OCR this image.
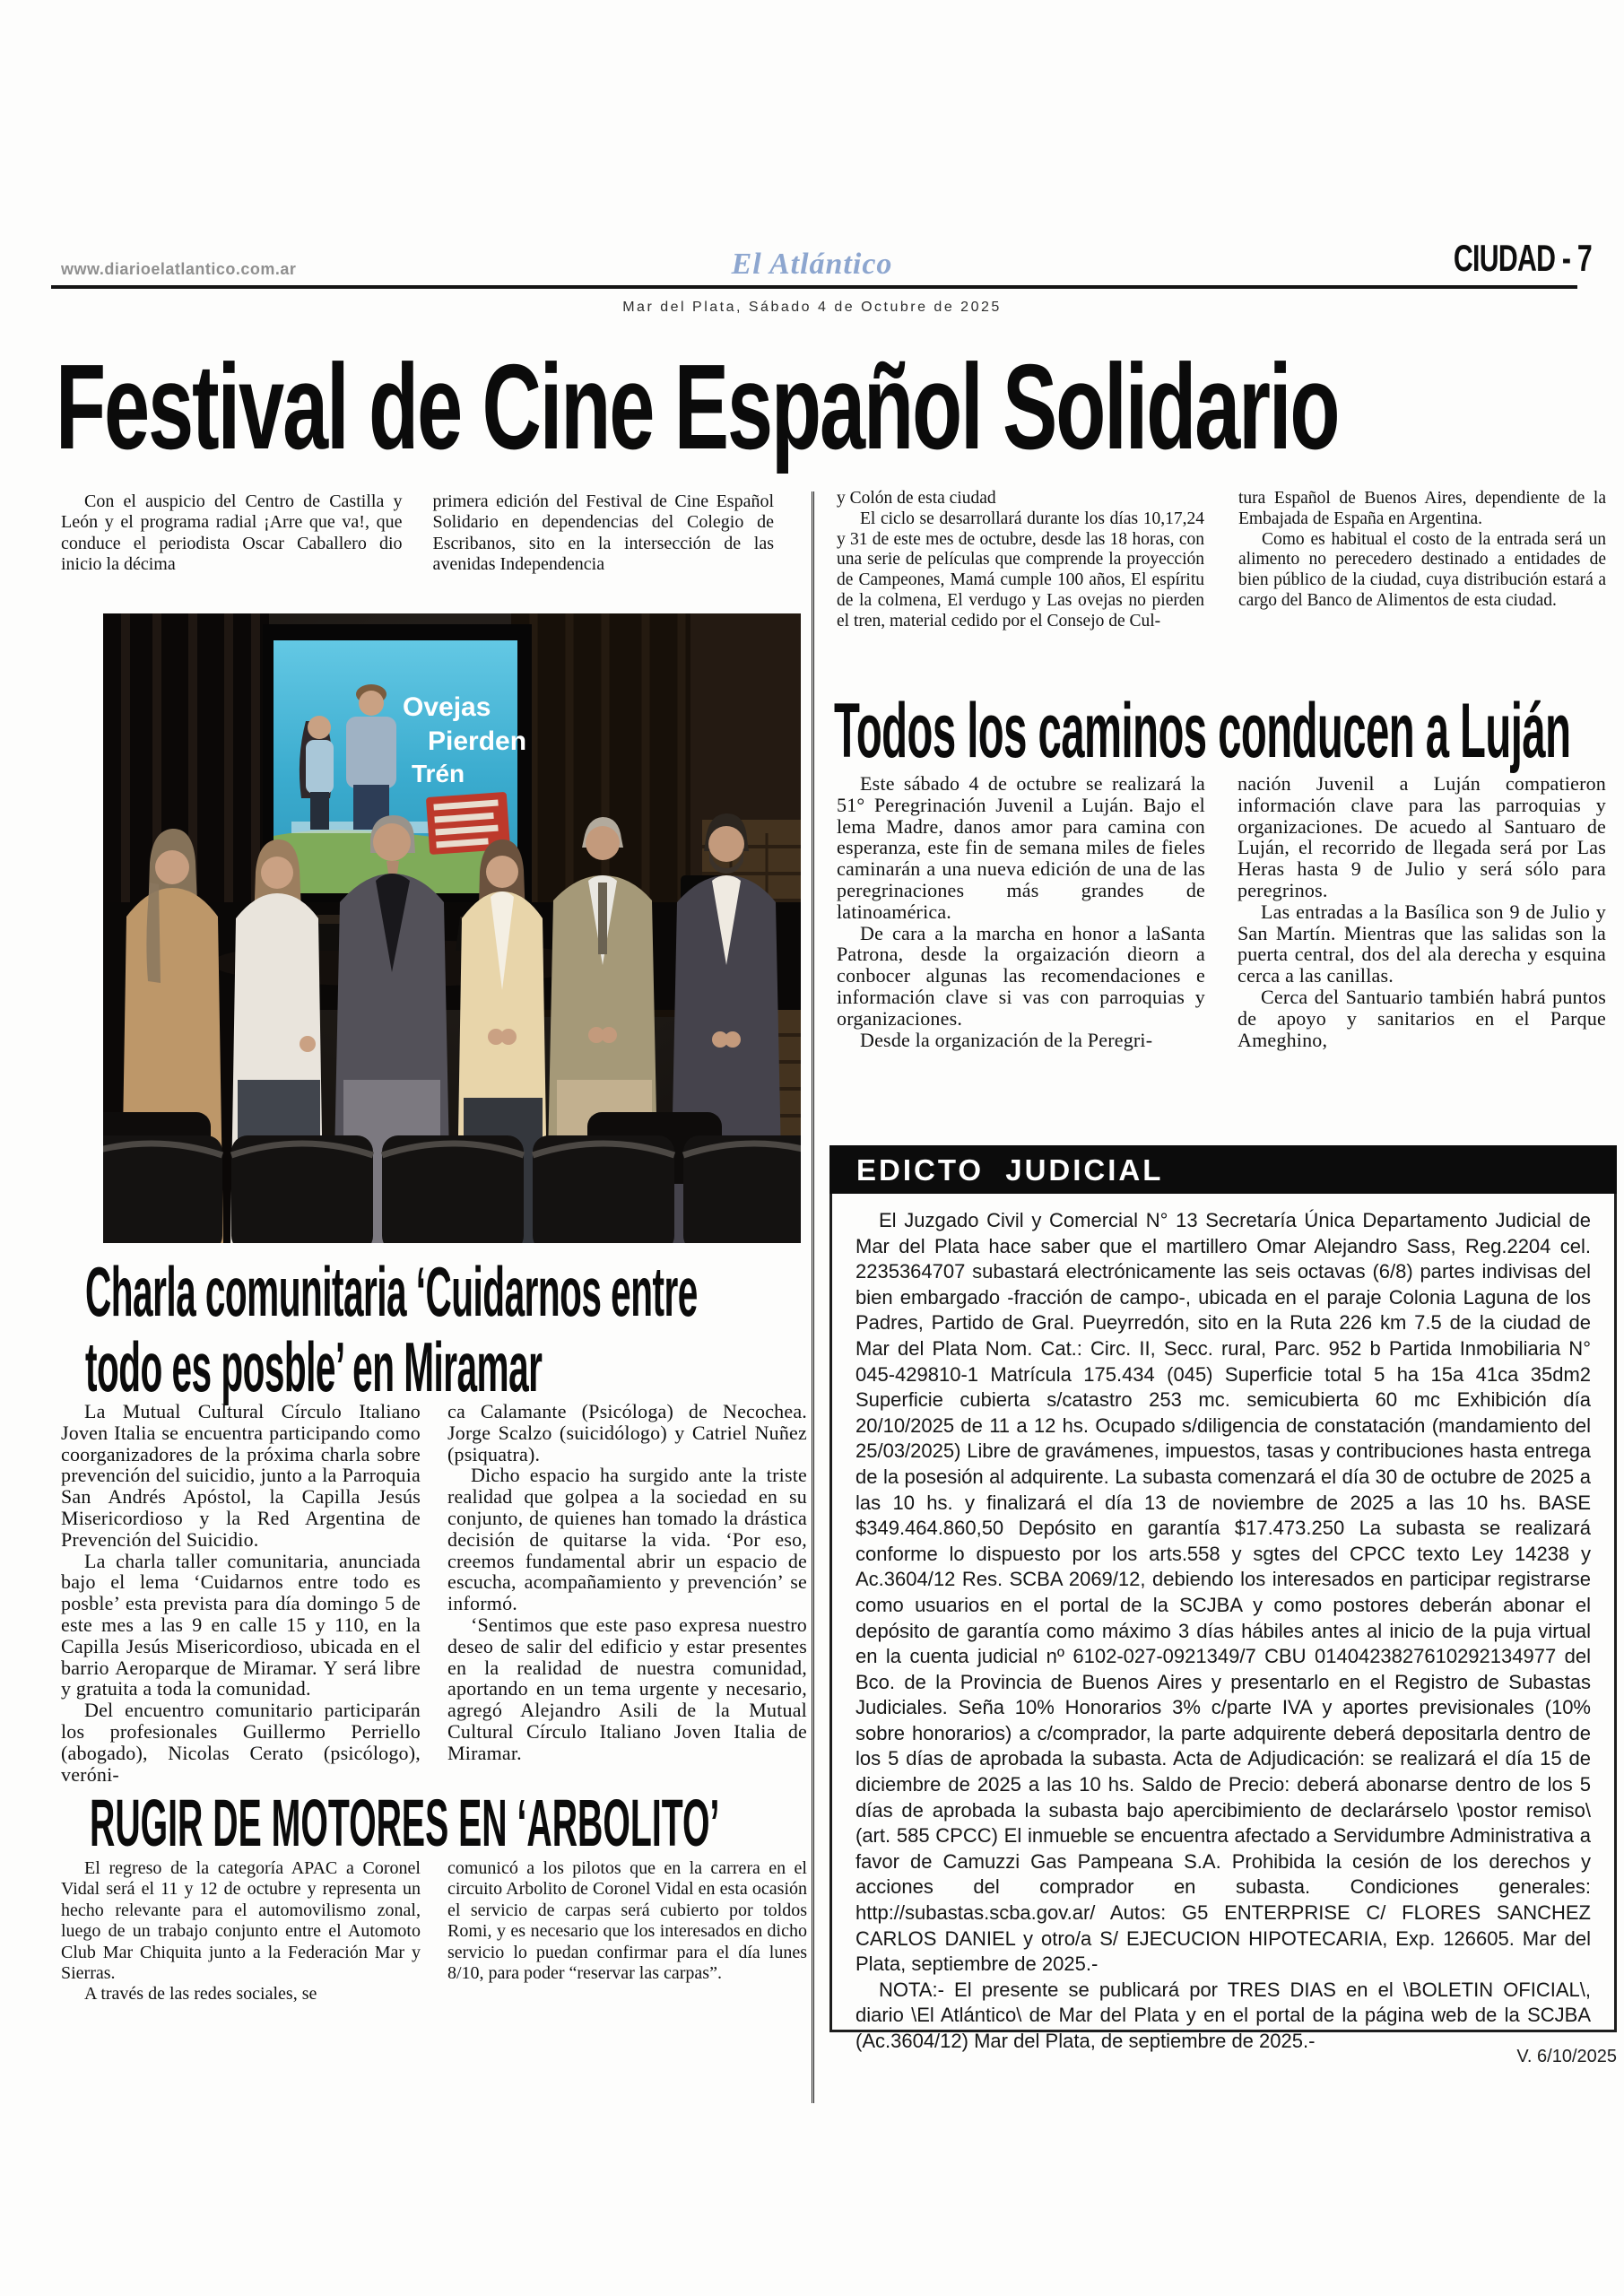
www.diarioelatlantico.com.ar	El Atlántico	CIUDAD - 7
Mar del Plata, Sábado 4 de Octubre de 2025
Festival de Cine Español Solidario

Con el auspicio del Centro de Castilla y León y el programa radial ¡Arre que va!, que conduce el periodista Oscar Caballero dio inicio la décima

primera edición del Festival de Cine Español Solidario en dependencias del Colegio de Escribanos, sito en la intersección de las avenidas Independencia

y Colón de esta ciudad

El ciclo se desarrollará durante los días 10,17,24 y 31 de este mes de octubre, desde las 18 horas, con una serie de películas que comprende la proyección de Campeones, Mamá cumple 100 años, El espíritu de la colmena, El verdugo y Las ovejas no pierden el tren, material cedido por el Consejo de Cul-

tura Español de Buenos Aires, dependiente de la Embajada de España en Argentina.

Como es habitual el costo de la entrada será un alimento no perecedero destinado a entidades de bien público de la ciudad, cuya distribución estará a cargo del Banco de Alimentos de esta ciudad.

Ovejas
Pierden
Trén	Todos los caminos conducen a Luján

Este sábado 4 de octubre se realizará la 51° Peregrinación Juvenil a Luján. Bajo el lema Madre, danos amor para camina con esperanza, este fin de semana miles de fieles caminarán a una nueva edición de una de las peregrinaciones más grandes de latinoamérica.

De cara a la marcha en honor a laSanta Patrona, desde la orgaización dieorn a conbocer algunas las recomendaciones e información clave si vas con parroquias y organizaciones.

Desde la organización de la Peregri-

nación Juvenil a Luján compatieron información clave para las parroquias y organizaciones. De acuedo al Santuaro de Luján, el recorrido de llegada será por Las Heras hasta 9 de Julio y será sólo para peregrinos.

Las entradas a la Basílica son 9 de Julio y San Martín. Mientras que las salidas son la puerta central, dos del ala derecha y esquina cerca a las canillas.

Cerca del Santuario también habrá puntos de apoyo y sanitarios en el Parque Ameghino,

EDICTO JUDICIAL

El Juzgado Civil y Comercial N° 13 Secretaría Única Departamento Judicial de Mar del Plata hace saber que el martillero Omar Alejandro Sass, Reg.2204 cel. 2235364707 subastará electrónicamente las seis octavas (6/8) partes indivisas del bien embargado -fracción de campo-, ubicada en el paraje Colonia Laguna de los Padres, Partido de Gral. Pueyrredón, sito en la Ruta 226 km 7.5 de la ciudad de Mar del Plata Nom. Cat.: Circ. II, Secc. rural, Parc. 952 b Partida Inmobiliaria N° 045-429810-1 Matrícula 175.434 (045) Superficie total 5 ha 15a 41ca 35dm2 Superficie cubierta s/catastro 253 mc. semicubierta 60 mc Exhibición día 20/10/2025 de 11 a 12 hs. Ocupado s/diligencia de constatación (mandamiento del 25/03/2025) Libre de gravámenes, impuestos, tasas y contribuciones hasta entrega de la posesión al adquirente. La subasta comenzará el día 30 de octubre de 2025 a las 10 hs. y finalizará el día 13 de noviembre de 2025 a las 10 hs. BASE $349.464.860,50 Depósito en garantía $17.473.250 La subasta se realizará conforme lo dispuesto por los arts.558 y sgtes del CPCC texto Ley 14238 y Ac.3604/12 Res. SCBA 2069/12, debiendo los interesados en participar registrarse como usuarios en el portal de la SCJBA y como postores deberán abonar el depósito de garantía como máximo 3 días hábiles antes al inicio de la puja virtual en la cuenta judicial nº 6102-027-0921349/7 CBU 0140423827610292134977 del Bco. de la Provincia de Buenos Aires y presentarlo en el Registro de Subastas Judiciales. Seña 10% Honorarios 3% c/parte IVA y aportes previsionales (10% sobre honorarios) a c/comprador, la parte adquirente deberá depositarla dentro de los 5 días de aprobada la subasta. Acta de Adjudicación: se realizará el día 15 de diciembre de 2025 a las 10 hs. Saldo de Precio: deberá abonarse dentro de los 5 días de aprobada la subasta bajo apercibimiento de declarárselo \postor remiso\ (art. 585 CPCC) El inmueble se encuentra afectado a Servidumbre Administrativa a favor de Camuzzi Gas Pampeana S.A. Prohibida la cesión de los derechos y acciones del comprador en subasta. Condiciones generales: http://subastas.scba.gov.ar/ Autos: G5 ENTERPRISE C/ FLORES SANCHEZ CARLOS DANIEL y otro/a S/ EJECUCION HIPOTECARIA, Exp. 126605. Mar del Plata, septiembre de 2025.-

NOTA:- El presente se publicará por TRES DIAS en el \BOLETIN OFICIAL\, diario \El Atlántico\ de Mar del Plata y en el portal de la página web de la SCJBA (Ac.3604/12) Mar del Plata, de septiembre de 2025.-

V. 6/10/2025
Charla comunitaria ‘Cuidarnos entre
todo es posble’ en Miramar

La Mutual Cultural Círculo Italiano Joven Italia se encuentra participando como coorganizadores de la próxima charla sobre prevención del suicidio, junto a la Parroquia San Andrés Apóstol, la Capilla Jesús Misericordioso y la Red Argentina de Prevención del Suicidio.

La charla taller comunitaria, anunciada bajo el lema ‘Cuidarnos entre todo es posble’ esta prevista para día domingo 5 de este mes a las 9 en calle 15 y 110, en la Capilla Jesús Misericordioso, ubicada en el barrio Aeroparque de Miramar. Y será libre y gratuita a toda la comunidad.

Del encuentro comunitario participarán los profesionales Guillermo Perriello (abogado), Nicolas Cerato (psicólogo), veróni-

ca Calamante (Psicóloga) de Necochea. Jorge Scalzo (suicidólogo) y Catriel Nuñez (psiquatra).

Dicho espacio ha surgido ante la triste realidad que golpea a la sociedad en su conjunto, de quienes han tomado la drástica decisión de quitarse la vida. ‘Por eso, creemos fundamental abrir un espacio de escucha, acompañamiento y prevención’ se informó.

‘Sentimos que este paso expresa nuestro deseo de salir del edificio y estar presentes en la realidad de nuestra comunidad, aportando en un tema urgente y necesario, agregó Alejandro Asili de la Mutual Cultural Círculo Italiano Joven Italia de Miramar.

RUGIR DE MOTORES EN ‘ARBOLITO’

El regreso de la categoría APAC a Coronel Vidal será el 11 y 12 de octubre y representa un hecho relevante para el automovilismo zonal, luego de un trabajo conjunto entre el Automoto Club Mar Chiquita junto a la Federación Mar y Sierras.

A través de las redes sociales, se

comunicó a los pilotos que en la carrera en el circuito Arbolito de Coronel Vidal en esta ocasión el servicio de carpas será cubierto por toldos Romi, y es necesario que los interesados en dicho servicio lo puedan confirmar para el día lunes 8/10, para poder “reservar las carpas”.
